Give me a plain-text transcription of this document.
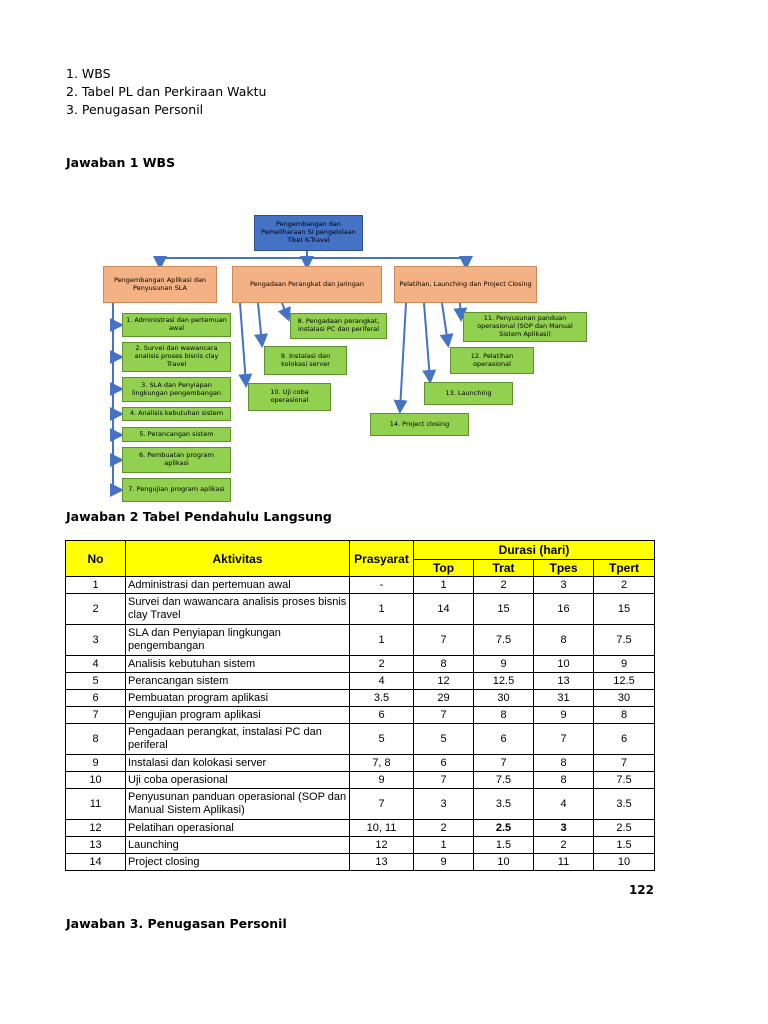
1. WBS
2. Tabel PL dan Perkiraan Waktu
3. Penugasan Personil
Jawaban 1 WBS
Pengembangan dan Pemeliharaan SI pengelolaan Tiket K-Travel
Pengembangan Aplikasi dan Penyusunan SLA	Pengadaan Perangkat dan Jaringan	Pelatihan, Launching dan Project Closing
1. Administrasi dan pertemuan awal
2. Survei dan wawancara analisis proses bisnis clay Travel
3. SLA dan Penyiapan lingkungan pengembangan
4. Analisis kebutuhan sistem
5. Perancangan sistem
6. Pembuatan program aplikasi
7. Pengujian program aplikasi
8. Pengadaan perangkat, instalasi PC dan periferal
9. Instalasi dan kolokasi server
10. Uji coba operasional
11. Penyusunan panduan operasional (SOP dan Manual Sistem Aplikasi)
12. Pelatihan operasional
13. Launching
14. Project closing
Jawaban 2 Tabel Pendahulu Langsung
No	Aktivitas	Prasyarat	Durasi (hari)			
			Top	Trat	Tpes	Tpert
1	Administrasi dan pertemuan awal	-	1	2	3	2
2	Survei dan wawancara analisis proses bisnis clay Travel	1	14	15	16	15
3	SLA dan Penyiapan lingkungan pengembangan	1	7	7.5	8	7.5
4	Analisis kebutuhan sistem	2	8	9	10	9
5	Perancangan sistem	4	12	12.5	13	12.5
6	Pembuatan program aplikasi	3.5	29	30	31	30
7	Pengujian program aplikasi	6	7	8	9	8
8	Pengadaan perangkat, instalasi PC dan periferal	5	5	6	7	6
9	Instalasi dan kolokasi server	7, 8	6	7	8	7
10	Uji coba operasional	9	7	7.5	8	7.5
11	Penyusunan panduan operasional (SOP dan Manual Sistem Aplikasi)	7	3	3.5	4	3.5
12	Pelatihan operasional	10, 11	2	2.5	3	2.5
13	Launching	12	1	1.5	2	1.5
14	Project closing	13	9	10	11	10
122
Jawaban 3. Penugasan Personil
